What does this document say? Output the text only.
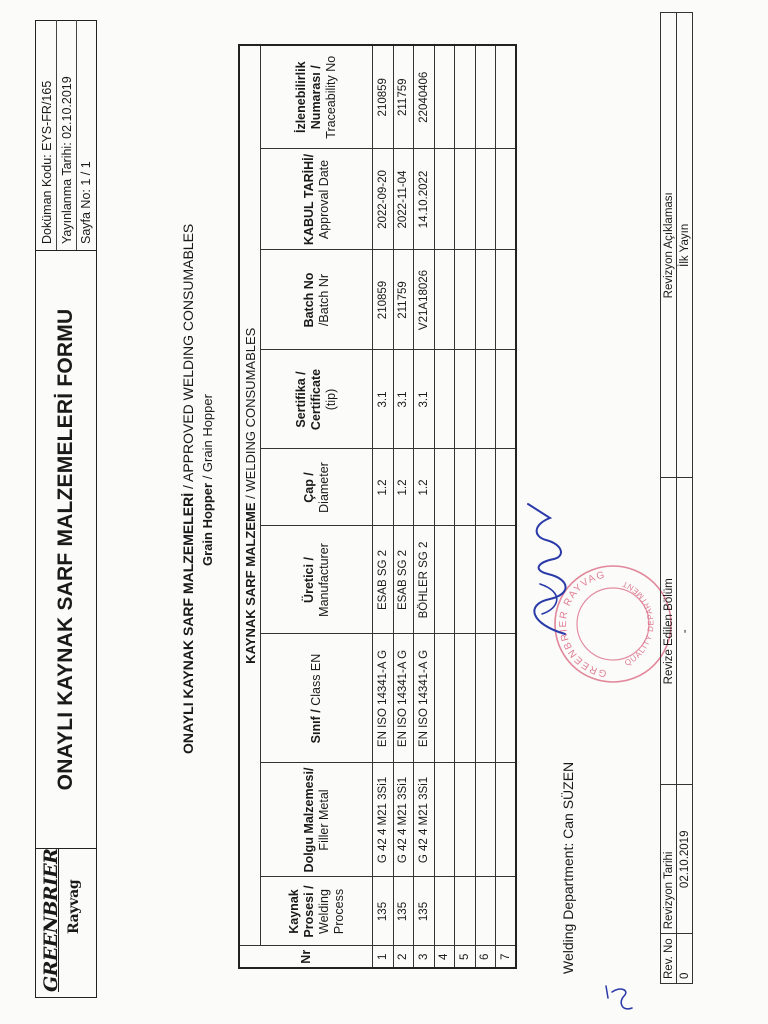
GREENBRIER Rayvag
ONAYLI KAYNAK SARF MALZEMELERİ FORMU
Doküman Kodu: EYS-FR/165 Yayınlanma Tarihi: 02.10.2019 Sayfa No: 1 / 1
ONAYLI KAYNAK SARF MALZEMELERİ / APPROVED WELDING CONSUMABLES
Grain Hopper / Grain Hopper
Nr	KAYNAK SARF MALZEME / WELDING CONSUMABLES								
	Kaynak Prosesi /
Welding Process	Dolgu Malzemesi/
Filler Metal	Sınıf / Class EN	Üretici /
Manufacturer	Çap /
Diameter	Sertifika / Certificate
(tip)	Batch No
/Batch Nr	KABUL TARİHİ/
Approval Date	İzlenebilirlik Numarası /
Traceability No
1	135	G 42 4 M21 3Si1	EN ISO 14341-A G	ESAB SG 2	1.2	3.1	210859	2022-09-20	210859
2	135	G 42 4 M21 3Si1	EN ISO 14341-A G	ESAB SG 2	1.2	3.1	211759	2022-11-04	211759
3	135	G 42 4 M21 3Si1	EN ISO 14341-A G	BÖHLER SG 2	1.2	3.1	V21A18026	14.10.2022	22040406
4									
5									
6									
7										Welding Department: Can SÜZEN
GREENBRIER RAYVAG
QUALITY DEPARTMENT
Rev. No	Revizyon Tarihi	Revize Edilen Bölüm	Revizyon Açıklaması
0	02.10.2019	-	İlk Yayın
